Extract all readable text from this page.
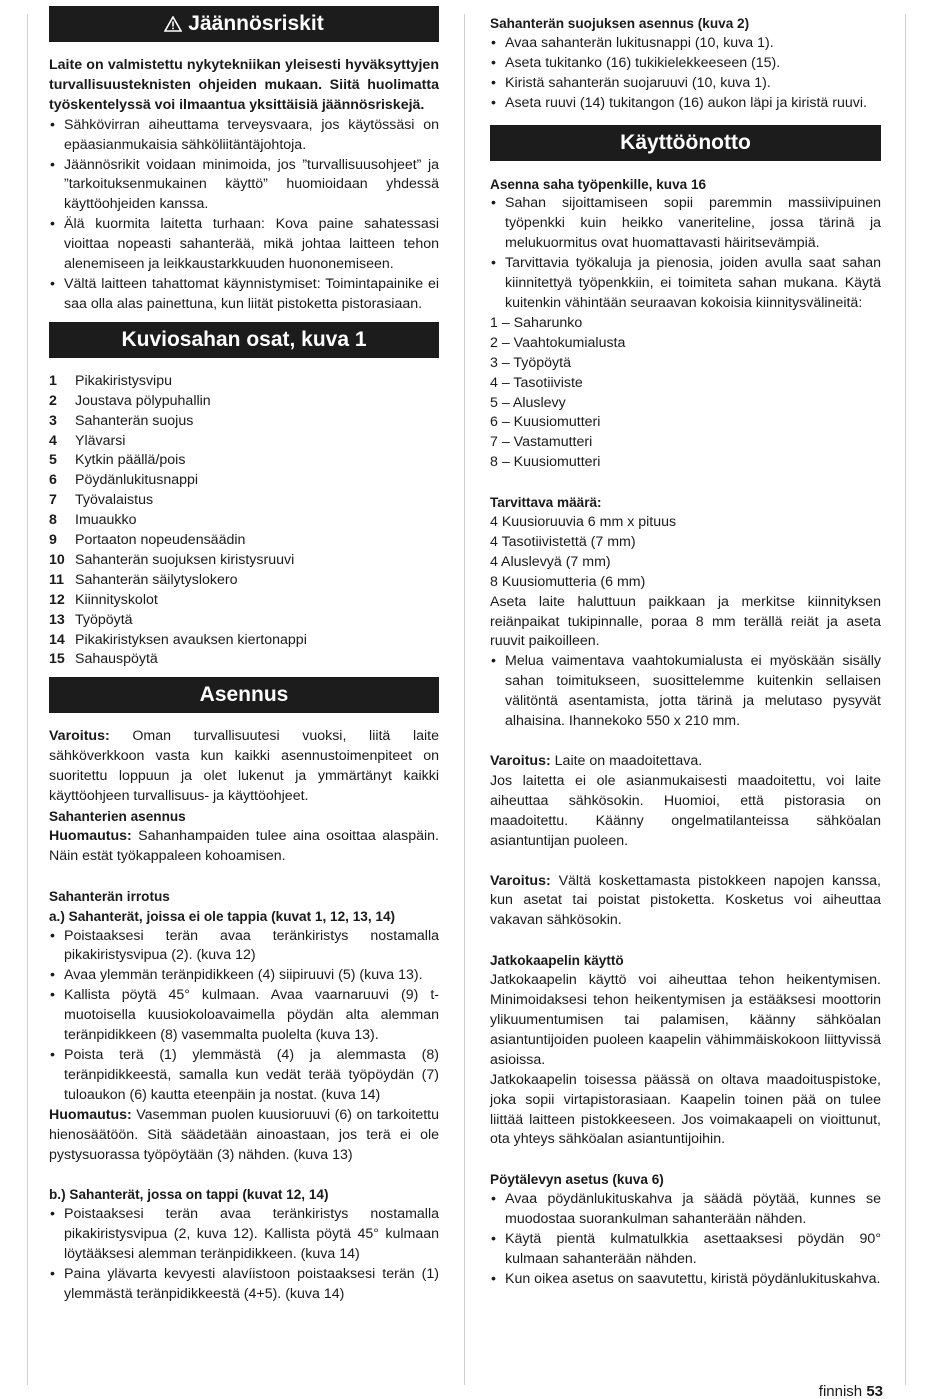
Jäännösriskit

Laite on valmistettu nykytekniikan yleisesti hyväksyttyjen turvallisuusteknisten ohjeiden mukaan. Siitä huolimatta työskentelyssä voi ilmaantua yksittäisiä jäännösriskejä.

• Sähkövirran aiheuttama terveysvaara, jos käytössäsi on epäasianmukaisia sähköliitäntäjohtoja.
• Jäännösrikit voidaan minimoida, jos ”turvallisuusohjeet” ja ”tarkoituksenmukainen käyttö” huomioidaan yhdessä käyttöohjeiden kanssa.
• Älä kuormita laitetta turhaan: Kova paine sahatessasi vioittaa nopeasti sahanterää, mikä johtaa laitteen tehon alenemiseen ja leikkaustarkkuuden huononemiseen.
• Vältä laitteen tahattomat käynnistymiset: Toimintapainike ei saa olla alas painettuna, kun liität pistoketta pistorasiaan.
Kuviosahan osat, kuva 1
1	Pikakiristysvipu
2	Joustava pölypuhallin
3	Sahanterän suojus
4	Ylävarsi
5	Kytkin päällä/pois
6	Pöydänlukitusnappi
7	Työvalaistus
8	Imuaukko
9	Portaaton nopeudensäädin
10 Sahanterän suojuksen kiristysruuvi
11 Sahanterän säilytyslokero
12 Kiinnityskolot
13 Työpöytä
14 Pikakiristyksen avauksen kiertonappi
15 Sahauspöytä
Asennus

Varoitus: Oman turvallisuutesi vuoksi, liitä laite sähköverkkoon vasta kun kaikki asennustoimenpiteet on suoritettu loppuun ja olet lukenut ja ymmärtänyt kaikki käyttöohjeen turvallisuus- ja käyttöohjeet.

Sahanterien asennus

Huomautus: Sahanhampaiden tulee aina osoittaa alaspäin. Näin estät työkappaleen kohoamisen.

Sahanterän irrotus

a.) Sahanterät, joissa ei ole tappia (kuvat 1, 12, 13, 14)

• Poistaaksesi terän avaa teränkiristys nostamalla pikakiristysvipua (2). (kuva 12)
• Avaa ylemmän teränpidikkeen (4) siipiruuvi (5) (kuva 13).
• Kallista pöytä 45° kulmaan. Avaa vaarnaruuvi (9) t-muotoisella kuusiokoloavaimella pöydän alta alemman teränpidikkeen (8) vasemmalta puolelta (kuva 13).
• Poista terä (1) ylemmästä (4) ja alemmasta (8) teränpidikkeestä, samalla kun vedät terää työpöydän (7) tuloaukon (6) kautta eteenpäin ja nostat. (kuva 14)

Huomautus: Vasemman puolen kuusioruuvi (6) on tarkoitettu hienosäätöön. Sitä säädetään ainoastaan, jos terä ei ole pystysuorassa työpöytään (3) nähden. (kuva 13)

b.) Sahanterät, jossa on tappi (kuvat 12, 14)

• Poistaaksesi terän avaa teränkiristys nostamalla pikakiristysvipua (2, kuva 12). Kallista pöytä 45° kulmaan löytääksesi alemman teränpidikkeen. (kuva 14)
• Paina ylävarta kevyesti alavíistoon poistaaksesi terän (1) ylemmästä teränpidikkeestä (4+5). (kuva 14)

Sahanterän suojuksen asennus (kuva 2)

• Avaa sahanterän lukitusnappi (10, kuva 1).
• Aseta tukitanko (16) tukikielekkeeseen (15).
• Kiristä sahanterän suojaruuvi (10, kuva 1).
• Aseta ruuvi (14) tukitangon (16) aukon läpi ja kiristä ruuvi.
Käyttöönotto

Asenna saha työpenkille, kuva 16

• Sahan sijoittamiseen sopii paremmin massiivipuinen työpenkki kuin heikko vaneriteline, jossa tärinä ja melukuormitus ovat huomattavasti häiritsevämpiä.
• Tarvittavia työkaluja ja pienosia, joiden avulla saat sahan kiinnitettyä työpenkkiin, ei toimiteta sahan mukana. Käytä kuitenkin vähintään seuraavan kokoisia kiinnitysvälineitä:
1 – Saharunko
2 – Vaahtokumialusta
3 – Työpöytä
4 – Tasotiiviste
5 – Aluslevy
6 – Kuusiomutteri
7 – Vastamutteri
8 – Kuusiomutteri

Tarvittava määrä:

4 Kuusioruuvia 6 mm x pituus
4 Tasotiivistettä (7 mm)
4 Aluslevyä (7 mm)
8 Kuusiomutteria (6 mm)

Aseta laite haluttuun paikkaan ja merkitse kiinnityksen reiänpaikat tukipinnalle, poraa 8 mm terällä reiät ja aseta ruuvit paikoilleen.

• Melua vaimentava vaahtokumialusta ei myöskään sisälly sahan toimitukseen, suosittelemme kuitenkin sellaisen välitöntä asentamista, jotta tärinä ja melutaso pysyvät alhaisina. Ihannekoko 550 x 210 mm.

Varoitus: Laite on maadoitettava.

Jos laitetta ei ole asianmukaisesti maadoitettu, voi laite aiheuttaa sähkösokin. Huomioi, että pistorasia on maadoitettu. Käänny ongelmatilanteissa sähköalan asiantuntijan puoleen.

Varoitus: Vältä koskettamasta pistokkeen napojen kanssa, kun asetat tai poistat pistoketta. Kosketus voi aiheuttaa vakavan sähkösokin.

Jatkokaapelin käyttö

Jatkokaapelin käyttö voi aiheuttaa tehon heikentymisen. Minimoidaksesi tehon heikentymisen ja estääksesi moottorin ylikuumentumisen tai palamisen, käänny sähköalan asiantuntijoiden puoleen kaapelin vähimmäiskokoon liittyvissä asioissa.

Jatkokaapelin toisessa päässä on oltava maadoituspistoke, joka sopii virtapistorasiaan. Kaapelin toinen pää on tulee liittää laitteen pistokkeeseen. Jos voimakaapeli on vioittunut, ota yhteys sähköalan asiantuntijoihin.

Pöytälevyn asetus (kuva 6)

• Avaa pöydänlukituskahva ja säädä pöytää, kunnes se muodostaa suorankulman sahanterään nähden.
• Käytä pientä kulmatulkkia asettaaksesi pöydän 90° kulmaan sahanterään nähden.
• Kun oikea asetus on saavutettu, kiristä pöydänlukituskahva.
finnish 53
